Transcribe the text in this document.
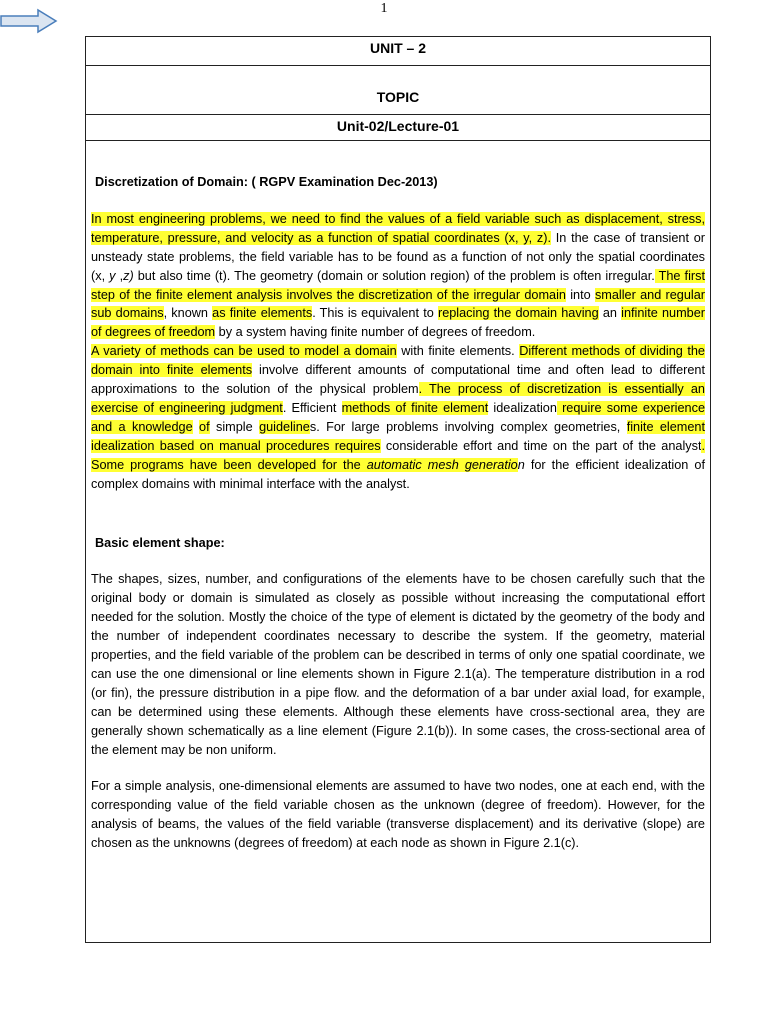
1
UNIT – 2
TOPIC
Unit-02/Lecture-01

Discretization of Domain: ( RGPV Examination Dec-2013)

In most engineering problems, we need to find the values of a field variable such as displacement, stress, temperature, pressure, and velocity as a function of spatial coordinates (x, y, z). In the case of transient or unsteady state problems, the field variable has to be found as a function of not only the spatial coordinates (x, y ,z) but also time (t). The geometry (domain or solution region) of the problem is often irregular. The first step of the finite element analysis involves the discretization of the irregular domain into smaller and regular sub domains, known as finite elements. This is equivalent to replacing the domain having an infinite number of degrees of freedom by a system having finite number of degrees of freedom.

A variety of methods can be used to model a domain with finite elements. Different methods of dividing the domain into finite elements involve different amounts of computational time and often lead to different approximations to the solution of the physical problem. The process of discretization is essentially an exercise of engineering judgment. Efficient methods of finite element idealization require some experience and a knowledge of simple guidelines. For large problems involving complex geometries, finite element idealization based on manual procedures requires considerable effort and time on the part of the analyst. Some programs have been developed for the automatic mesh generation for the efficient idealization of complex domains with minimal interface with the analyst.

Basic element shape:

The shapes, sizes, number, and configurations of the elements have to be chosen carefully such that the original body or domain is simulated as closely as possible without increasing the computational effort needed for the solution. Mostly the choice of the type of element is dictated by the geometry of the body and the number of independent coordinates necessary to describe the system. If the geometry, material properties, and the field variable of the problem can be described in terms of only one spatial coordinate, we can use the one dimensional or line elements shown in Figure 2.1(a). The temperature distribution in a rod (or fin), the pressure distribution in a pipe flow. and the deformation of a bar under axial load, for example, can be determined using these elements. Although these elements have cross-sectional area, they are generally shown schematically as a line element (Figure 2.1(b)). In some cases, the cross-sectional area of the element may be non uniform.

For a simple analysis, one-dimensional elements are assumed to have two nodes, one at each end, with the corresponding value of the field variable chosen as the unknown (degree of freedom). However, for the analysis of beams, the values of the field variable (transverse displacement) and its derivative (slope) are chosen as the unknowns (degrees of freedom) at each node as shown in Figure 2.1(c).
